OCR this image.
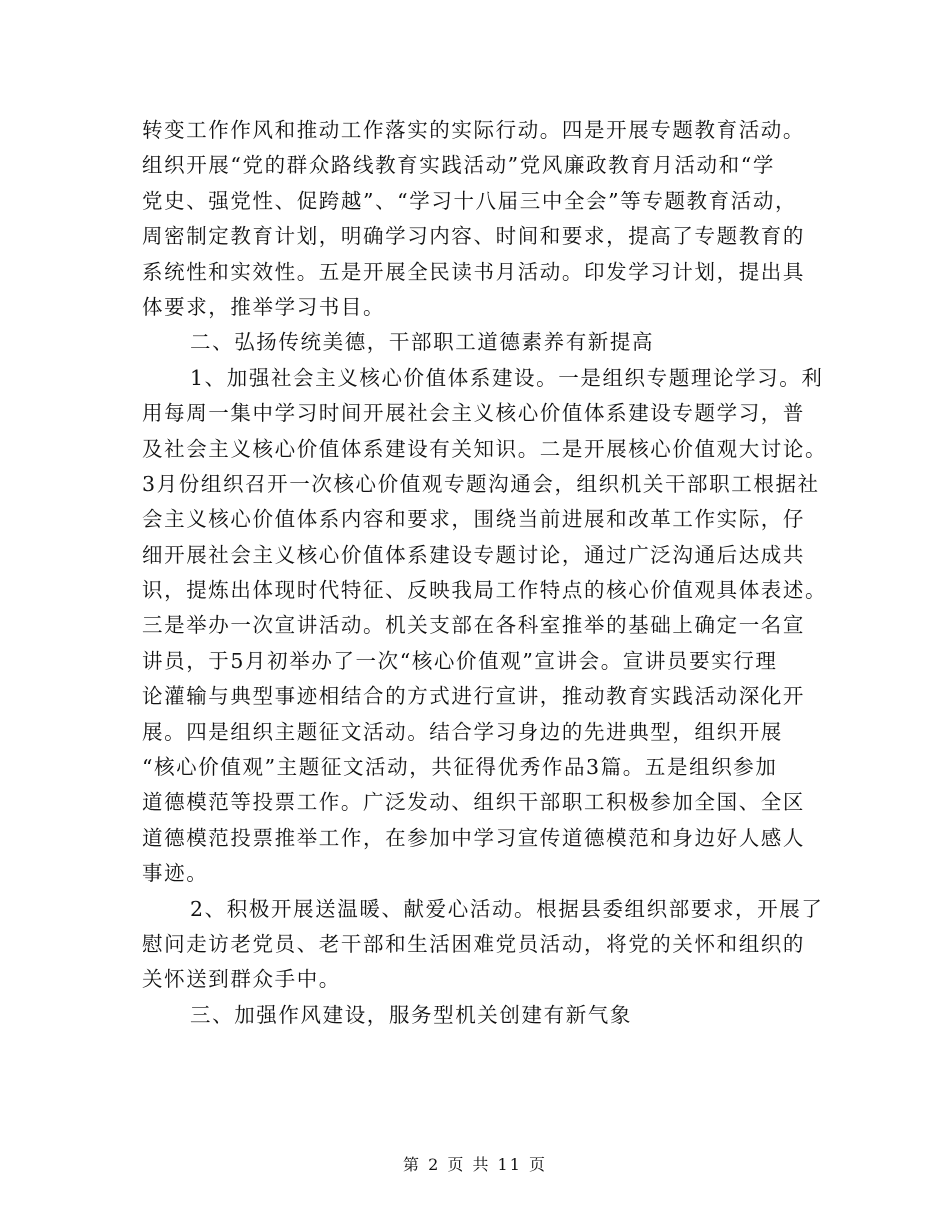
转变工作作风和推动工作落实的实际行动。四是开展专题教育活动。
组织开展“党的群众路线教育实践活动”党风廉政教育月活动和“学
党史、强党性、促跨越”、“学习十八届三中全会”等专题教育活动，
周密制定教育计划，明确学习内容、时间和要求，提高了专题教育的
系统性和实效性。五是开展全民读书月活动。印发学习计划，提出具
体要求，推举学习书目。
二、弘扬传统美德，干部职工道德素养有新提高
1、加强社会主义核心价值体系建设。一是组织专题理论学习。利
用每周一集中学习时间开展社会主义核心价值体系建设专题学习，普
及社会主义核心价值体系建设有关知识。二是开展核心价值观大讨论。
3月份组织召开一次核心价值观专题沟通会，组织机关干部职工根据社
会主义核心价值体系内容和要求，围绕当前进展和改革工作实际，仔
细开展社会主义核心价值体系建设专题讨论，通过广泛沟通后达成共
识，提炼出体现时代特征、反映我局工作特点的核心价值观具体表述。
三是举办一次宣讲活动。机关支部在各科室推举的基础上确定一名宣
讲员，于5月初举办了一次“核心价值观”宣讲会。宣讲员要实行理
论灌输与典型事迹相结合的方式进行宣讲，推动教育实践活动深化开
展。四是组织主题征文活动。结合学习身边的先进典型，组织开展
“核心价值观”主题征文活动，共征得优秀作品3篇。五是组织参加
道德模范等投票工作。广泛发动、组织干部职工积极参加全国、全区
道德模范投票推举工作，在参加中学习宣传道德模范和身边好人感人
事迹。
2、积极开展送温暖、献爱心活动。根据县委组织部要求，开展了
慰问走访老党员、老干部和生活困难党员活动，将党的关怀和组织的
关怀送到群众手中。
三、加强作风建设，服务型机关创建有新气象
第 2 页 共 11 页
